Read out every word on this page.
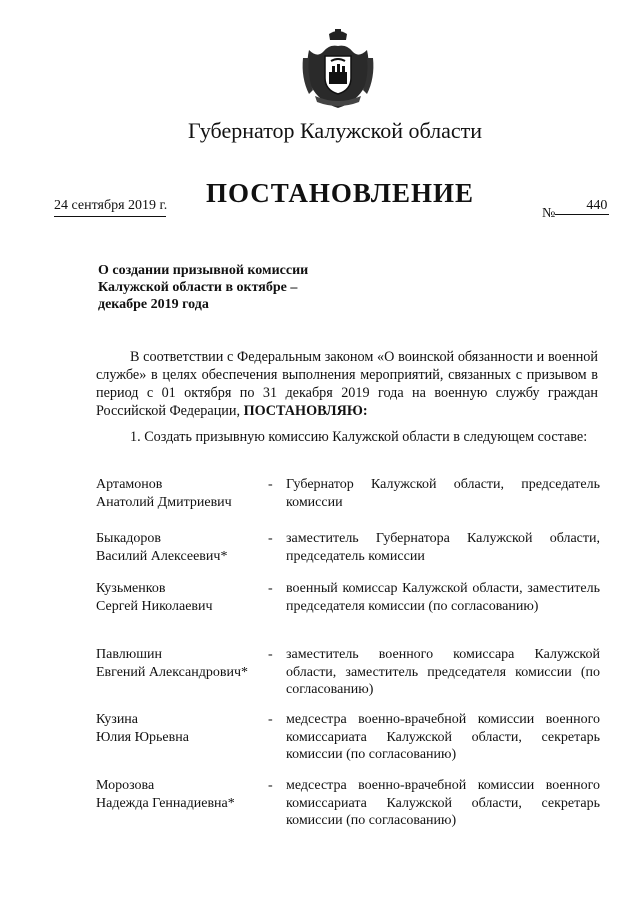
Губернатор Калужской области
ПОСТАНОВЛЕНИЕ
24 сентября 2019 г.
№440
О создании призывной комиссии
Калужской области в октябре –
декабре 2019 года
В соответствии с Федеральным законом «О воинской обязанности и военной службе» в целях обеспечения выполнения мероприятий, связанных с призывом в период с 01 октября по 31 декабря 2019 года на военную службу граждан Российской Федерации, ПОСТАНОВЛЯЮ:
1. Создать призывную комиссию Калужской области в следующем составе:
Артамонов
Анатолий Дмитриевич
- Губернатор Калужской области, председатель комиссии
Быкадоров
Василий Алексеевич*
- заместитель Губернатора Калужской области, председатель комиссии
Кузьменков
Сергей Николаевич
- военный комиссар Калужской области, заместитель председателя комиссии (по согласованию)
Павлюшин
Евгений Александрович*
- заместитель военного комиссара Калужской области, заместитель председателя комиссии (по согласованию)
Кузина
Юлия Юрьевна
- медсестра военно-врачебной комиссии военного комиссариата Калужской области, секретарь комиссии (по согласованию)
Морозова
Надежда Геннадиевна*
- медсестра военно-врачебной комиссии военного комиссариата Калужской области, секретарь комиссии (по согласованию)
